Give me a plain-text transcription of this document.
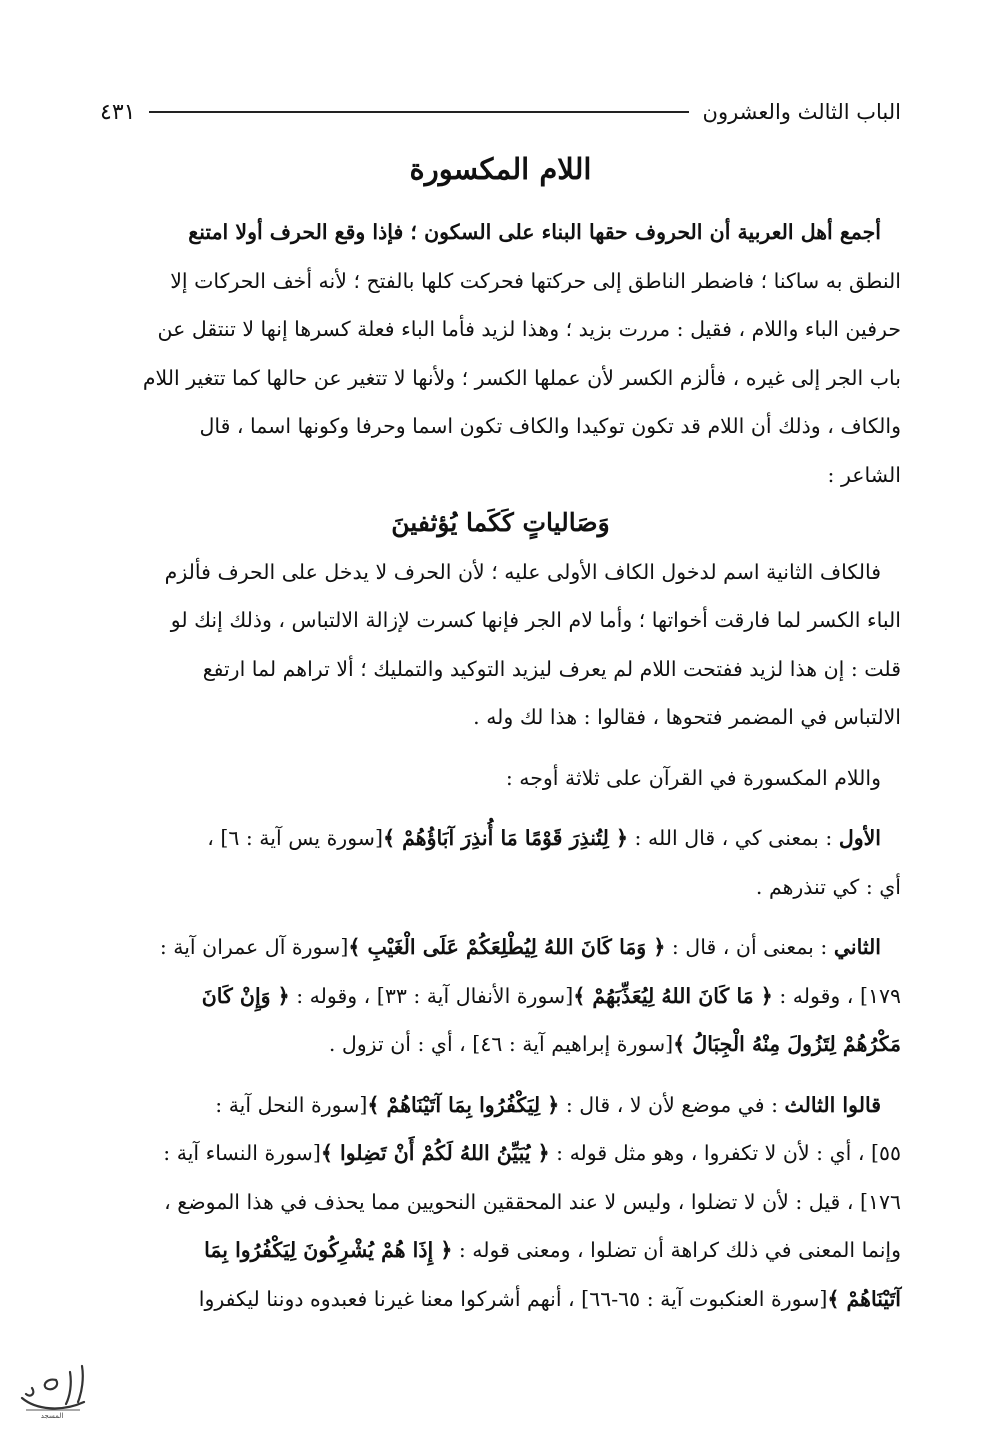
الباب الثالث والعشرون
٤٣١
اللام المكسورة

أجمع أهل العربية أن الحروف حقها البناء على السكون ؛ فإذا وقع الحرف أولا امتنع

النطق به ساكنا ؛ فاضطر الناطق إلى حركتها فحركت كلها بالفتح ؛ لأنه أخف الحركات إلا

حرفين الباء واللام ، فقيل : مررت بزيد ؛ وهذا لزيد فأما الباء فعلة كسرها إنها لا تنتقل عن

باب الجر إلى غيره ، فألزم الكسر لأن عملها الكسر ؛ ولأنها لا تتغير عن حالها كما تتغير اللام

والكاف ، وذلك أن اللام قد تكون توكيدا والكاف تكون اسما وحرفا وكونها اسما ، قال

الشاعر :

وَصَالياتٍ كَكَما يُؤثفينَ

فالكاف الثانية اسم لدخول الكاف الأولى عليه ؛ لأن الحرف لا يدخل على الحرف فألزم

الباء الكسر لما فارقت أخواتها ؛ وأما لام الجر فإنها كسرت لإزالة الالتباس ، وذلك إنك لو

قلت : إن هذا لزيد ففتحت اللام لم يعرف ليزيد التوكيد والتمليك ؛ ألا تراهم لما ارتفع

الالتباس في المضمر فتحوها ، فقالوا : هذا لك وله .

واللام المكسورة في القرآن على ثلاثة أوجه :

الأول : بمعنى كي ، قال الله : ﴿ لِتُنذِرَ قَوْمًا مَا أُنذِرَ آبَاؤُهُمْ ﴾[سورة يس آية : ٦] ،

أي : كي تنذرهم .

الثاني : بمعنى أن ، قال : ﴿ وَمَا كَانَ اللهُ لِيُطْلِعَكُمْ عَلَى الْغَيْبِ ﴾[سورة آل عمران آية :

١٧٩] ، وقوله : ﴿ مَا كَانَ اللهُ لِيُعَذِّبَهُمْ ﴾[سورة الأنفال آية : ٣٣] ، وقوله : ﴿ وَإِنْ كَانَ

مَكْرُهُمْ لِتَزُولَ مِنْهُ الْجِبَالُ ﴾[سورة إبراهيم آية : ٤٦] ، أي : أن تزول .

قالوا الثالث : في موضع لأن لا ، قال : ﴿ لِيَكْفُرُوا بِمَا آتَيْنَاهُمْ ﴾[سورة النحل آية :

٥٥] ، أي : لأن لا تكفروا ، وهو مثل قوله : ﴿ يُبَيِّنُ اللهُ لَكُمْ أَنْ تَضِلوا ﴾[سورة النساء آية :

١٧٦] ، قيل : لأن لا تضلوا ، وليس لا عند المحققين النحويين مما يحذف في هذا الموضع ،

وإنما المعنى في ذلك كراهة أن تضلوا ، ومعنى قوله : ﴿ إِذَا هُمْ يُشْرِكُونَ لِيَكْفُرُوا بِمَا

آتَيْنَاهُمْ ﴾[سورة العنكبوت آية : ٦٥-٦٦] ، أنهم أشركوا معنا غيرنا فعبدوه دوننا ليكفروا

المسجد
